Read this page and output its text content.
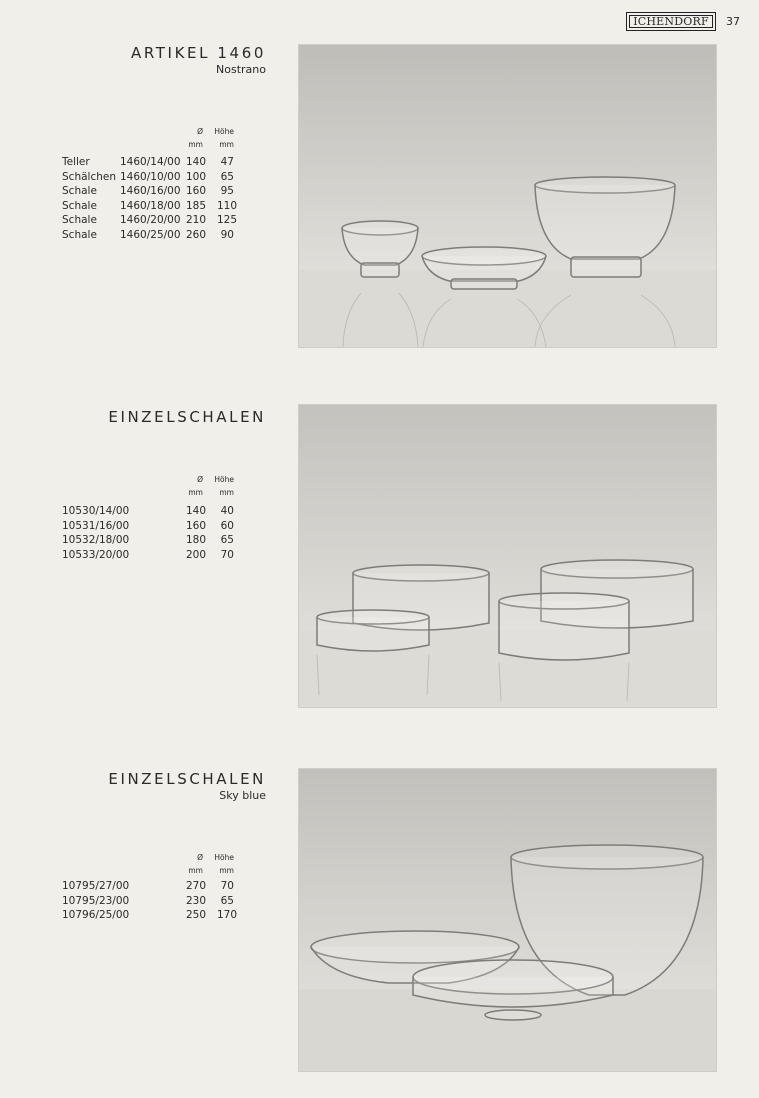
ICHENDORF 37
ARTIKEL 1460
Nostrano
Ø	Höhe
mm	mm
Teller	1460/14/00 140	47
Schälchen 1460/10/00 100	65
Schale 1460/16/00 160	95
Schale 1460/18/00 185 110
Schale 1460/20/00 210 125
Schale 1460/25/00 260	90
EINZELSCHALEN
Ø	Höhe
mm	mm
10530/14/00	140	40
10531/16/00	160	60
10532/18/00	180	65
10533/20/00	200	70
EINZELSCHALEN
Sky blue
Ø	Höhe
mm	mm
10795/27/00	270	70
10795/23/00	230	65
10796/25/00	250 170
